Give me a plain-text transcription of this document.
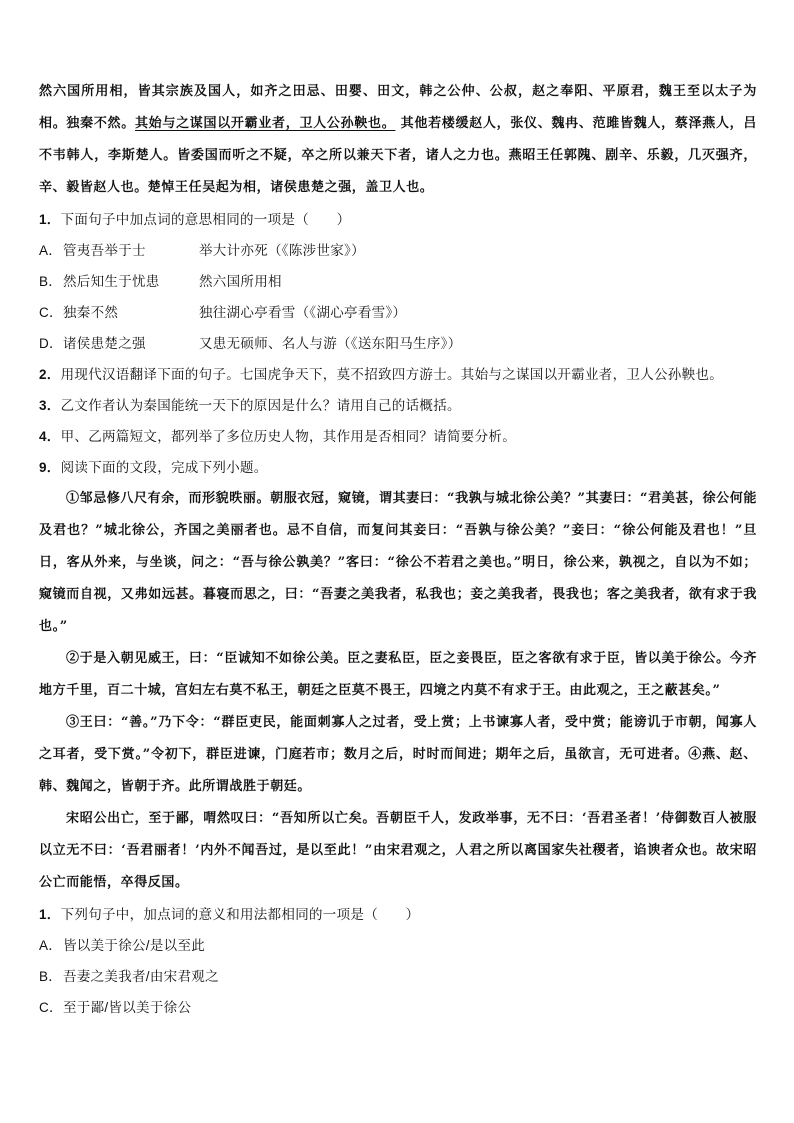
然六国所用相，皆其宗族及国人，如齐之田忌、田婴、田文，韩之公仲、公叔，赵之奉阳、平原君，魏王至以太子为相。独秦不然。其始与之谋国以开霸业者，卫人公孙鞅也。 其他若楼缓赵人，张仪、魏冉、范雎皆魏人，蔡泽燕人，吕不韦韩人，李斯楚人。皆委国而听之不疑，卒之所以兼天下者，诸人之力也。燕昭王任郭隗、剧辛、乐毅，几灭强齐，辛、毅皆赵人也。楚悼王任吴起为相，诸侯患楚之强，盖卫人也。

1．下面句子中加点词的意思相同的一项是（　　）

A． 管夷吾举于士	举大计亦死（《陈涉世家》）
B． 然后知生于忧患	然六国所用相
C． 独秦不然	独往湖心亭看雪（《湖心亭看雪》）
D． 诸侯患楚之强	又患无硕师、名人与游（《送东阳马生序》）

2．用现代汉语翻译下面的句子。七国虎争天下，莫不招致四方游士。其始与之谋国以开霸业者，卫人公孙鞅也。

3．乙文作者认为秦国能统一天下的原因是什么？请用自己的话概括。

4．甲、乙两篇短文，都列举了多位历史人物，其作用是否相同？请简要分析。

9．阅读下面的文段，完成下列小题。

①邹忌修八尺有余，而形貌昳丽。朝服衣冠，窥镜，谓其妻曰：“我孰与城北徐公美？”其妻曰：“君美甚，徐公何能及君也？”城北徐公，齐国之美丽者也。忌不自信，而复问其妾曰：“吾孰与徐公美？”妾曰：“徐公何能及君也！”旦日，客从外来，与坐谈，问之：“吾与徐公孰美？”客曰：“徐公不若君之美也。”明日，徐公来，孰视之，自以为不如；窥镜而自视，又弗如远甚。暮寝而思之，曰：“吾妻之美我者，私我也；妾之美我者，畏我也；客之美我者，欲有求于我也。”

②于是入朝见威王，曰：“臣诚知不如徐公美。臣之妻私臣，臣之妾畏臣，臣之客欲有求于臣，皆以美于徐公。今齐地方千里，百二十城，宫妇左右莫不私王，朝廷之臣莫不畏王，四境之内莫不有求于王。由此观之，王之蔽甚矣。”

③王曰：“善。”乃下令：“群臣吏民，能面刺寡人之过者，受上赏；上书谏寡人者，受中赏；能谤讥于市朝，闻寡人之耳者，受下赏。”令初下，群臣进谏，门庭若市；数月之后，时时而间进；期年之后，虽欲言，无可进者。④燕、赵、韩、魏闻之，皆朝于齐。此所谓战胜于朝廷。

宋昭公出亡，至于鄙，喟然叹曰：“吾知所以亡矣。吾朝臣千人，发政举事，无不曰：‘吾君圣者！’侍御数百人被服以立无不曰：‘吾君丽者！’内外不闻吾过，是以至此！”由宋君观之，人君之所以离国家失社稷者，谄谀者众也。故宋昭公亡而能悟，卒得反国。

1．下列句子中，加点词的意义和用法都相同的一项是（　　）

A． 皆以美于徐公/是以至此
B． 吾妻之美我者/由宋君观之
C． 至于鄙/皆以美于徐公
